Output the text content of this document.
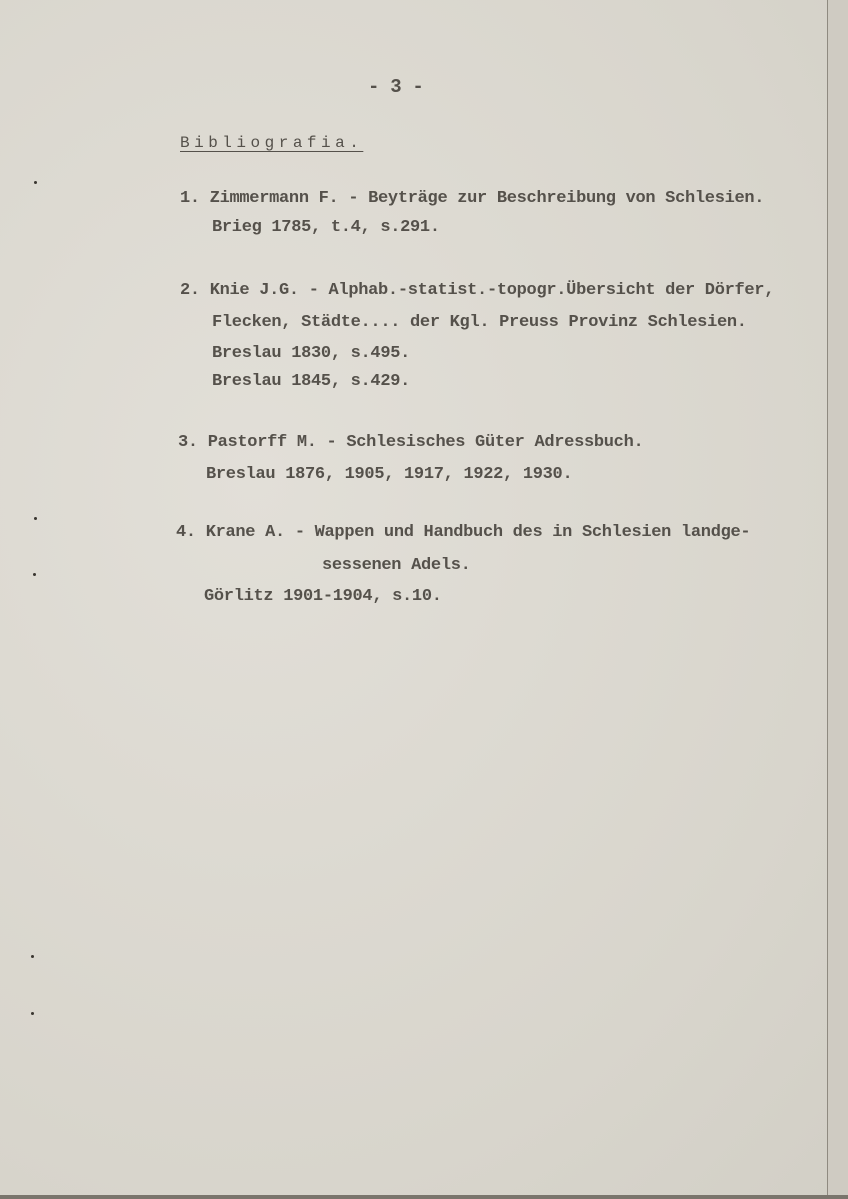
- 3 -
Bibliografia.
1. Zimmermann F. - Beyträge zur Beschreibung von Schlesien.
Brieg 1785, t.4, s.291.
2. Knie J.G. - Alphab.-statist.-topogr.Übersicht der Dörfer,
Flecken, Städte.... der Kgl. Preuss Provinz Schlesien.
Breslau 1830, s.495.
Breslau 1845, s.429.
3. Pastorff M. - Schlesisches Güter Adressbuch.
Breslau 1876, 1905, 1917, 1922, 1930.
4. Krane A. - Wappen und Handbuch des in Schlesien landge-
sessenen Adels.
Görlitz 1901-1904, s.10.
